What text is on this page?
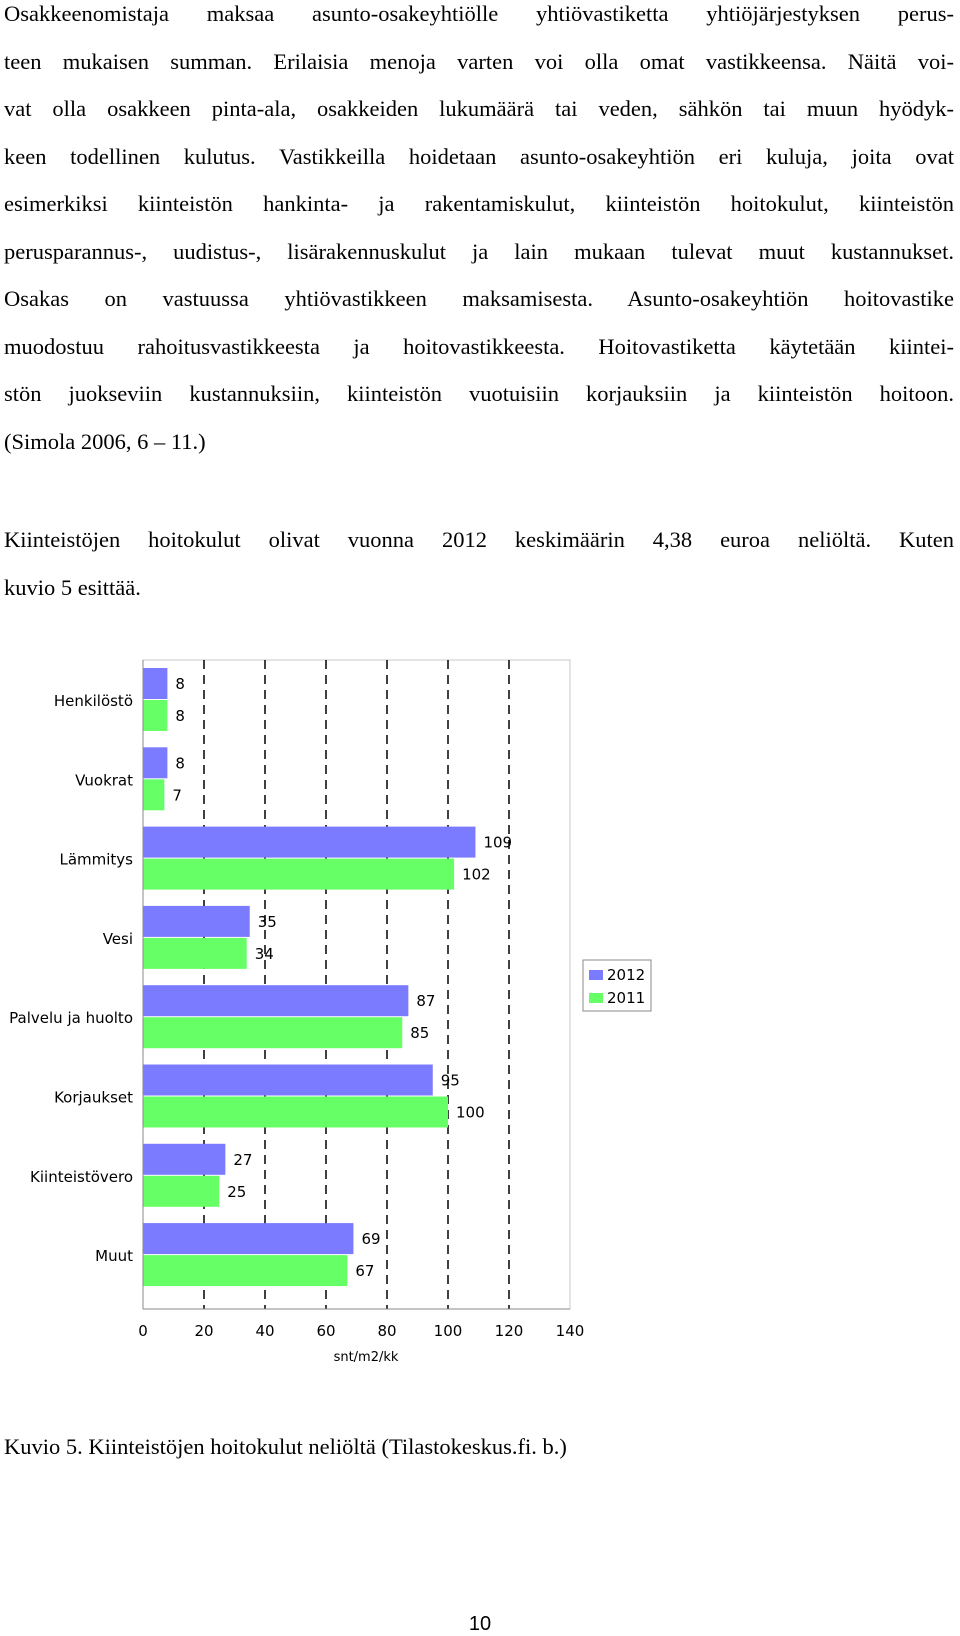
Osakkeenomistaja maksaa asunto-osakeyhtiölle yhtiövastiketta yhtiöjärjestyksen perus-
teen mukaisen summan. Erilaisia menoja varten voi olla omat vastikkeensa. Näitä voi-
vat olla osakkeen pinta-ala, osakkeiden lukumäärä tai veden, sähkön tai muun hyödyk-
keen todellinen kulutus. Vastikkeilla hoidetaan asunto-osakeyhtiön eri kuluja, joita ovat
esimerkiksi kiinteistön hankinta- ja rakentamiskulut, kiinteistön hoitokulut, kiinteistön
perusparannus-, uudistus-, lisärakennuskulut ja lain mukaan tulevat muut kustannukset.
Osakas on vastuussa yhtiövastikkeen maksamisesta. Asunto-osakeyhtiön hoitovastike
muodostuu rahoitusvastikkeesta ja hoitovastikkeesta. Hoitovastiketta käytetään kiintei-
stön juokseviin kustannuksiin, kiinteistön vuotuisiin korjauksiin ja kiinteistön hoitoon.
(Simola 2006, 6 – 11.)
Kiinteistöjen hoitokulut olivat vuonna 2012 keskimäärin 4,38 euroa neliöltä. Kuten
kuvio 5 esittää.
0	20	40	60	80 100 120 140
8
8
Henkilöstö
8
7
Vuokrat
109
102
Lämmitys
35
34
Vesi
87
85
Palvelu ja huolto
95
100
Korjaukset
27
25
Kiinteistövero
69
67
Muut
snt/m2/kk
2012
2011
Kuvio 5. Kiinteistöjen hoitokulut neliöltä (Tilastokeskus.fi. b.)
10
